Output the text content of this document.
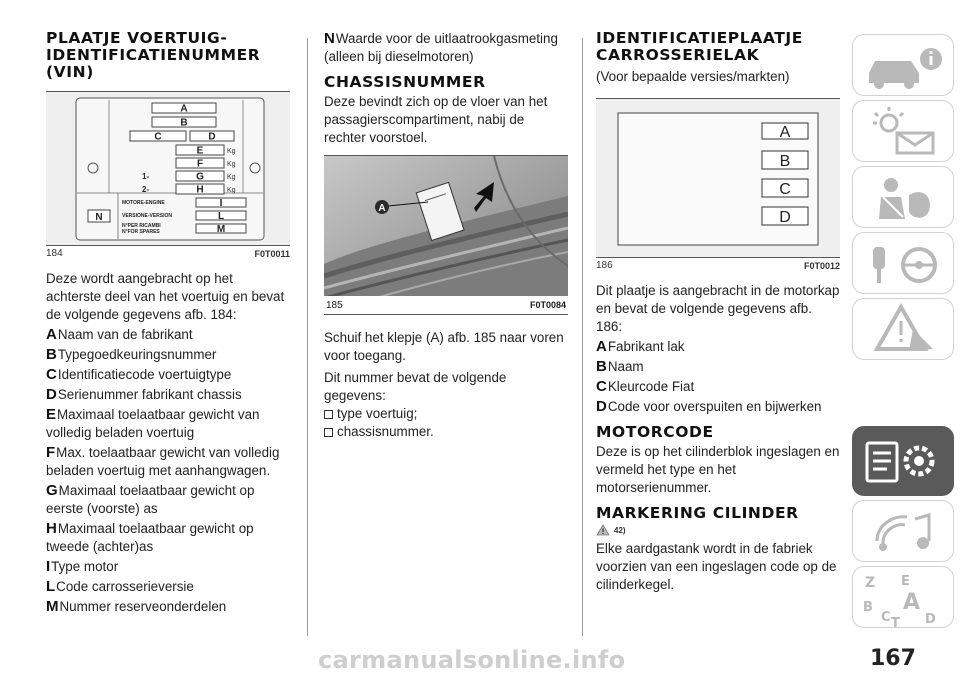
PLAATJE VOERTUIG-
IDENTIFICATIENUMMER
(VIN)
A
B
C	D
E
F
G
H
I
L
M
N
Kg
Kg
Kg
Kg
1-
2-
MOTORE-ENGINE
VERSIONE-VERSION
N°PER RICAMBI
N°FOR SPARES
184	F0T0011

Deze wordt aangebracht op het achterste deel van het voertuig en bevat de volgende gegevens afb. 184:

ANaam van de fabrikant
BTypegoedkeuringsnummer
CIdentificatiecode voertuigtype
DSerienummer fabrikant chassis
EMaximaal toelaatbaar gewicht van volledig beladen voertuig
FMax. toelaatbaar gewicht van volledig beladen voertuig met aanhangwagen.
GMaximaal toelaatbaar gewicht op eerste (voorste) as
HMaximaal toelaatbaar gewicht op tweede (achter)as
IType motor
LCode carrosserieversie
MNummer reserveonderdelen
NWaarde voor de uitlaatrookgasmeting (alleen bij dieselmotoren)
CHASSISNUMMER

Deze bevindt zich op de vloer van het passagierscompartiment, nabij de rechter voorstoel.

A
185	F0T0084

Schuif het klepje (A) afb. 185 naar voren voor toegang.

Dit nummer bevat de volgende gegevens:

type voertuig;
chassisnummer.
IDENTIFICATIEPLAATJE
CARROSSERIELAK
(Voor bepaalde versies/markten)
A
B
C
D
186	F0T0012

Dit plaatje is aangebracht in de motorkap en bevat de volgende gegevens afb. 186:

AFabrikant lak
BNaam
CKleurcode Fiat
DCode voor overspuiten en bijwerken
MOTORCODE

Deze is op het cilinderblok ingeslagen en vermeld het type en het motorserienummer.

MARKERING CILINDER
42)

Elke aardgastank wordt in de fabriek voorzien van een ingeslagen code op de cilinderkegel.	Z E
B A
C T D
carmanualsonline.info	167
